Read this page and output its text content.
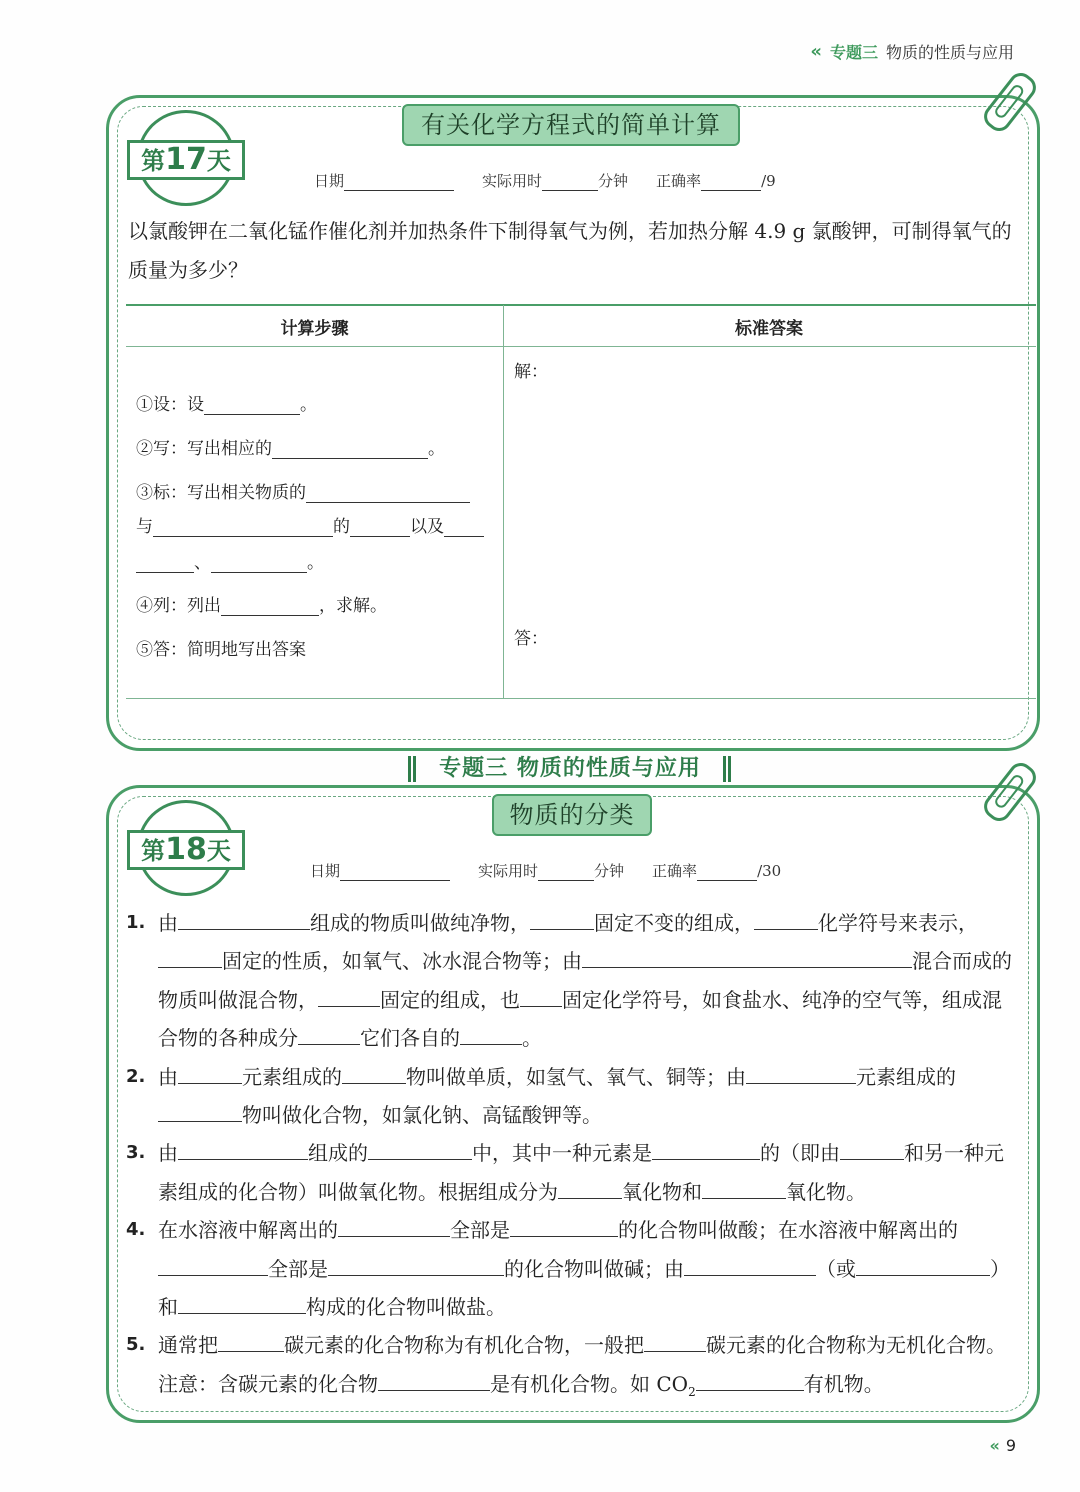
« 专题三 物质的性质与应用
有关化学方程式的简单计算
第17天
日期	实际用时	分钟 正确率	/9
以氯酸钾在二氧化锰作催化剂并加热条件下制得氧气为例，若加热分解 4.9 g 氯酸钾，可制得氧气的质量为多少？
计算步骤	标准答案
①设：设	。
②写：写出相应的	。
③标：写出相关物质的
与	的	以及
、	。
④列：列出	，求解。
⑤答：简明地写出答案
解：
答：
专题三 物质的性质与应用
物质的分类
第18天
日期	实际用时	分钟 正确率	/30
1. 由	组成的物质叫做纯净物，	固定不变的组成，	化学符号来表示，固定的性质，如氧气、冰水混合物等；由	混合而成的物质叫做混合物，	固定的组成，也 固定化学符号，如食盐水、纯净的空气等，组成混合物的各种成分	它们各自的	。
2. 由	元素组成的	物叫做单质，如氢气、氧气、铜等；由	元素组成的物叫做化合物，如氯化钠、高锰酸钾等。
3. 由	组成的	中，其中一种元素是	的（即由	和另一种元素组成的化合物）叫做氧化物。根据组成分为	氧化物和	氧化物。
4. 在水溶液中解离出的	全部是	的化合物叫做酸；在水溶液中解离出的全部是	的化合物叫做碱；由	（或	）和	构成的化合物叫做盐。
5. 通常把	碳元素的化合物称为有机化合物，一般把	碳元素的化合物称为无机化合物。注意：含碳元素的化合物	是有机化合物。如 $CO_2$	有机物。
« 9
